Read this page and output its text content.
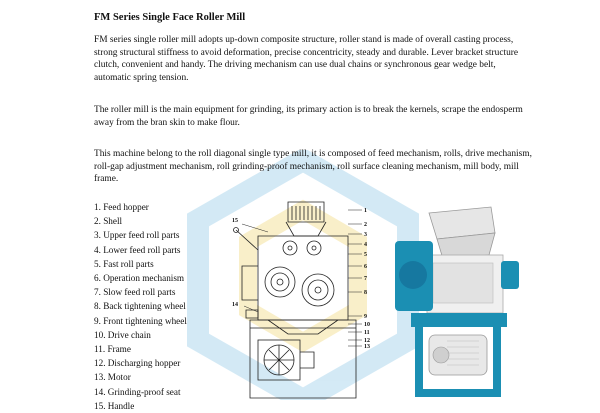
FM Series Single Face Roller Mill

FM series single roller mill adopts up-down composite structure, roller stand is made of overall casting process, strong structural stiffness to avoid deformation, precise concentricity, steady and durable. Lever bracket structure clutch, convenient and handy. The driving mechanism can use dual chains or synchronous gear wedge belt, automatic spring tension.

The roller mill is the main equipment for grinding, its primary action is to break the kernels, scrape the endosperm away from the bran skin to make flour.

This machine belong to the roll diagonal single type mill, it is composed of feed mechanism, rolls, drive mechanism, roll-gap adjustment mechanism, roll grinding-proof mechanism, roll surface cleaning mechanism, mill body, mill frame.

1. Feed hopper
2. Shell
3. Upper feed roll parts
4. Lower feed roll parts
5. Fast roll parts
6. Operation mechanism
7. Slow feed roll parts
8. Back tightening wheel
9. Front tightening wheel
10. Drive chain
11. Frame
12. Discharging hopper
13. Motor
14. Grinding-proof seat
15. Handle
15
1
2
3
4
5
6
7
8
14
9
10
11
12
13
